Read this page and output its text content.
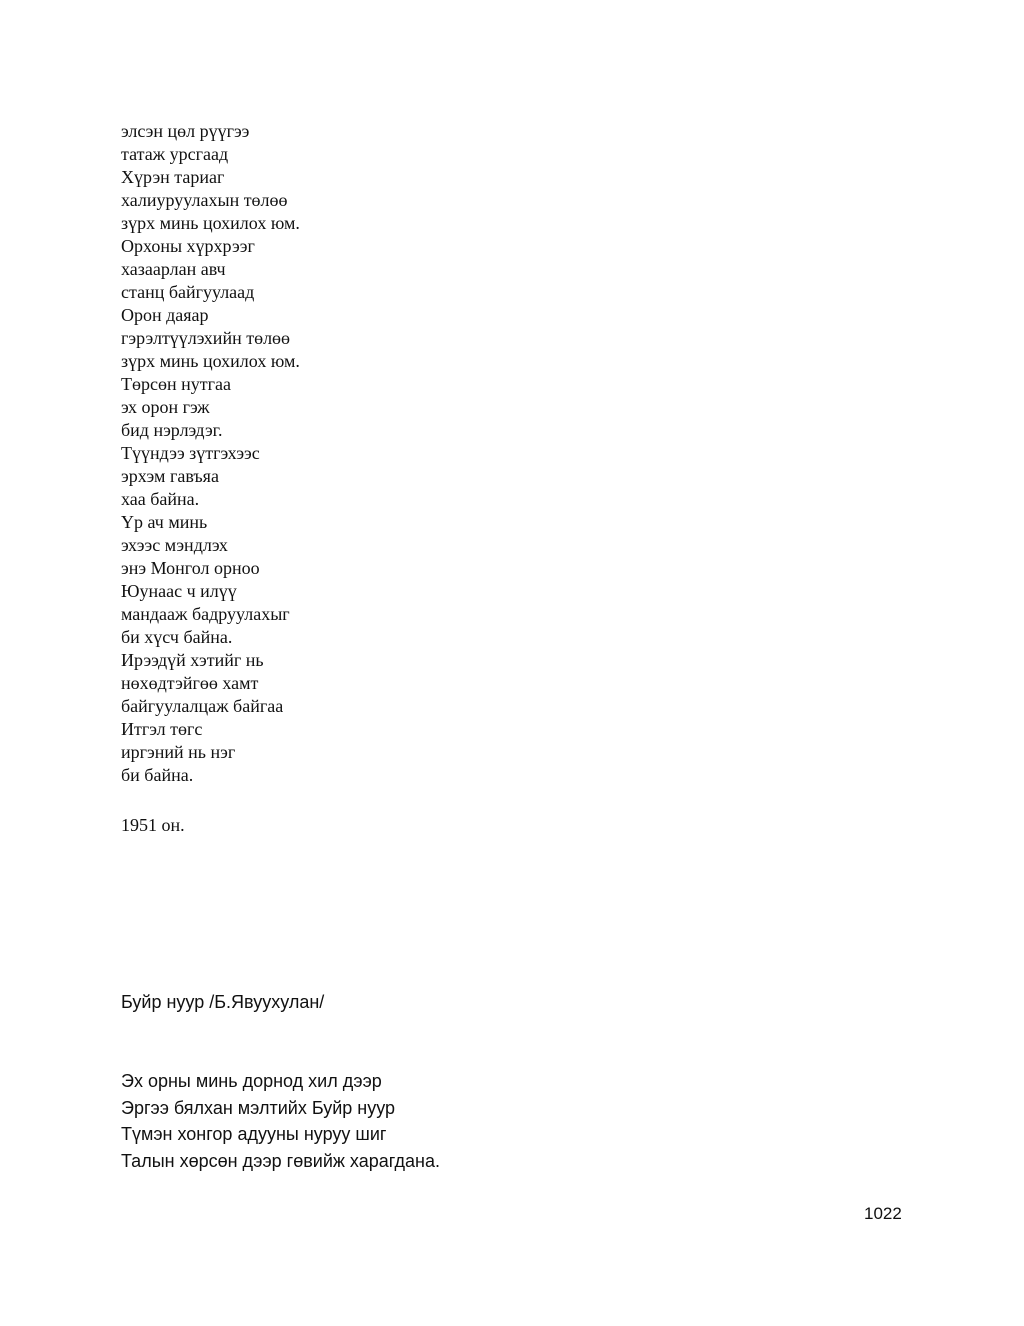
элсэн цөл рүүгээ
татаж урсгаад
Хүрэн тариаг
халиуруулахын төлөө
зүрх минь цохилох юм.
Орхоны хүрхрээг
хазаарлан авч
станц байгуулаад
Орон даяар
гэрэлтүүлэхийн төлөө
зүрх минь цохилох юм.
Төрсөн нутгаа
эх орон гэж
бид нэрлэдэг.
Түүндээ зүтгэхээс
эрхэм гавъяа
хаа байна.
Үр ач минь
эхээс мэндлэх
энэ Монгол орноо
Юунаас ч илүү
мандааж бадруулахыг
би хүсч байна.
Ирээдүй хэтийг нь
нөхөдтэйгөө хамт
байгуулалцаж байгаа
Итгэл төгс
иргэний нь нэг
би байна.
1951 он.
Буйр нуур /Б.Явуухулан/
Эх орны минь дорнод хил дээр
Эргээ бялхан мэлтийх Буйр нуур
Түмэн хонгор адууны нуруу шиг
Талын хөрсөн дээр гөвийж харагдана.
1022
